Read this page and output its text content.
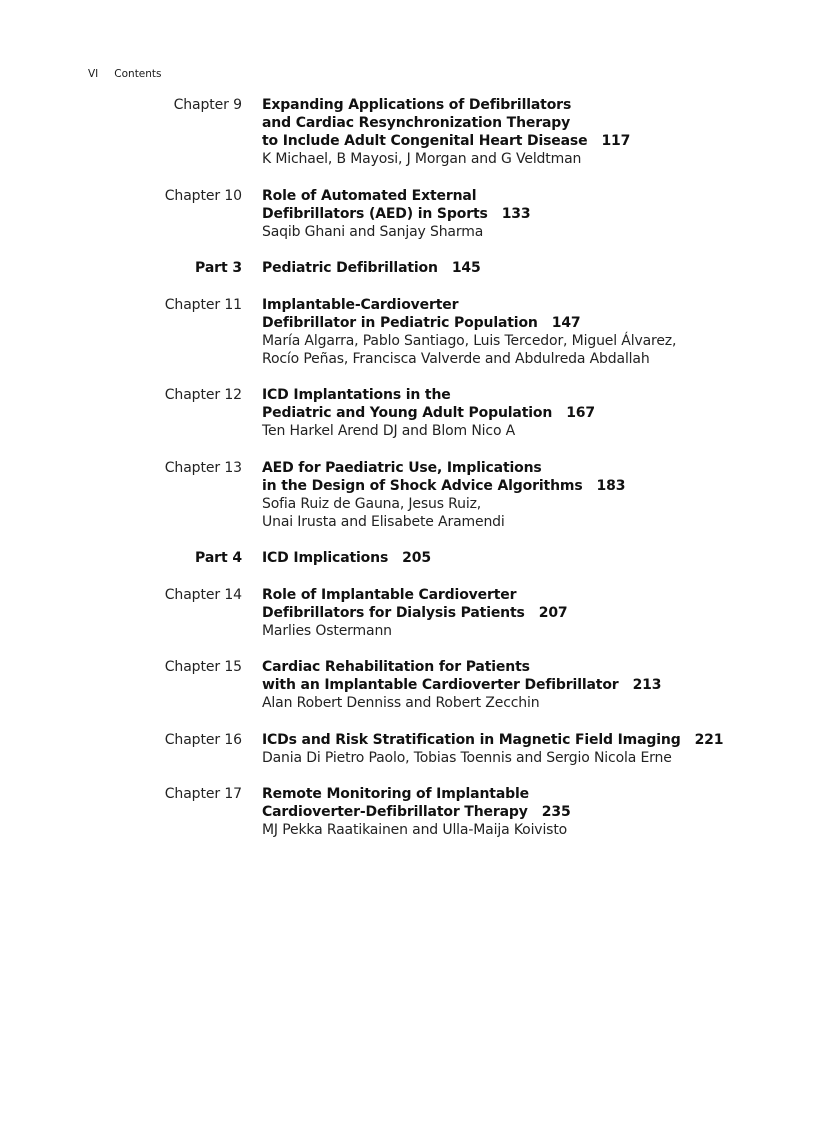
VI Contents
Chapter 9 Expanding Applications of Defibrillators
and Cardiac Resynchronization Therapy
to Include Adult Congenital Heart Disease 117
K Michael, B Mayosi, J Morgan and G Veldtman
Chapter 10 Role of Automated External
Defibrillators (AED) in Sports 133
Saqib Ghani and Sanjay Sharma
Part 3 Pediatric Defibrillation 145
Chapter 11 Implantable-Cardioverter
Defibrillator in Pediatric Population 147
María Algarra, Pablo Santiago, Luis Tercedor, Miguel Álvarez,
Rocío Peñas, Francisca Valverde and Abdulreda Abdallah
Chapter 12 ICD Implantations in the
Pediatric and Young Adult Population 167
Ten Harkel Arend DJ and Blom Nico A
Chapter 13 AED for Paediatric Use, Implications
in the Design of Shock Advice Algorithms 183
Sofia Ruiz de Gauna, Jesus Ruiz,
Unai Irusta and Elisabete Aramendi
Part 4 ICD Implications 205
Chapter 14 Role of Implantable Cardioverter
Defibrillators for Dialysis Patients 207
Marlies Ostermann
Chapter 15 Cardiac Rehabilitation for Patients
with an Implantable Cardioverter Defibrillator 213
Alan Robert Denniss and Robert Zecchin
Chapter 16 ICDs and Risk Stratification in Magnetic Field Imaging 221
Dania Di Pietro Paolo, Tobias Toennis and Sergio Nicola Erne
Chapter 17 Remote Monitoring of Implantable
Cardioverter-Defibrillator Therapy 235
MJ Pekka Raatikainen and Ulla-Maija Koivisto
